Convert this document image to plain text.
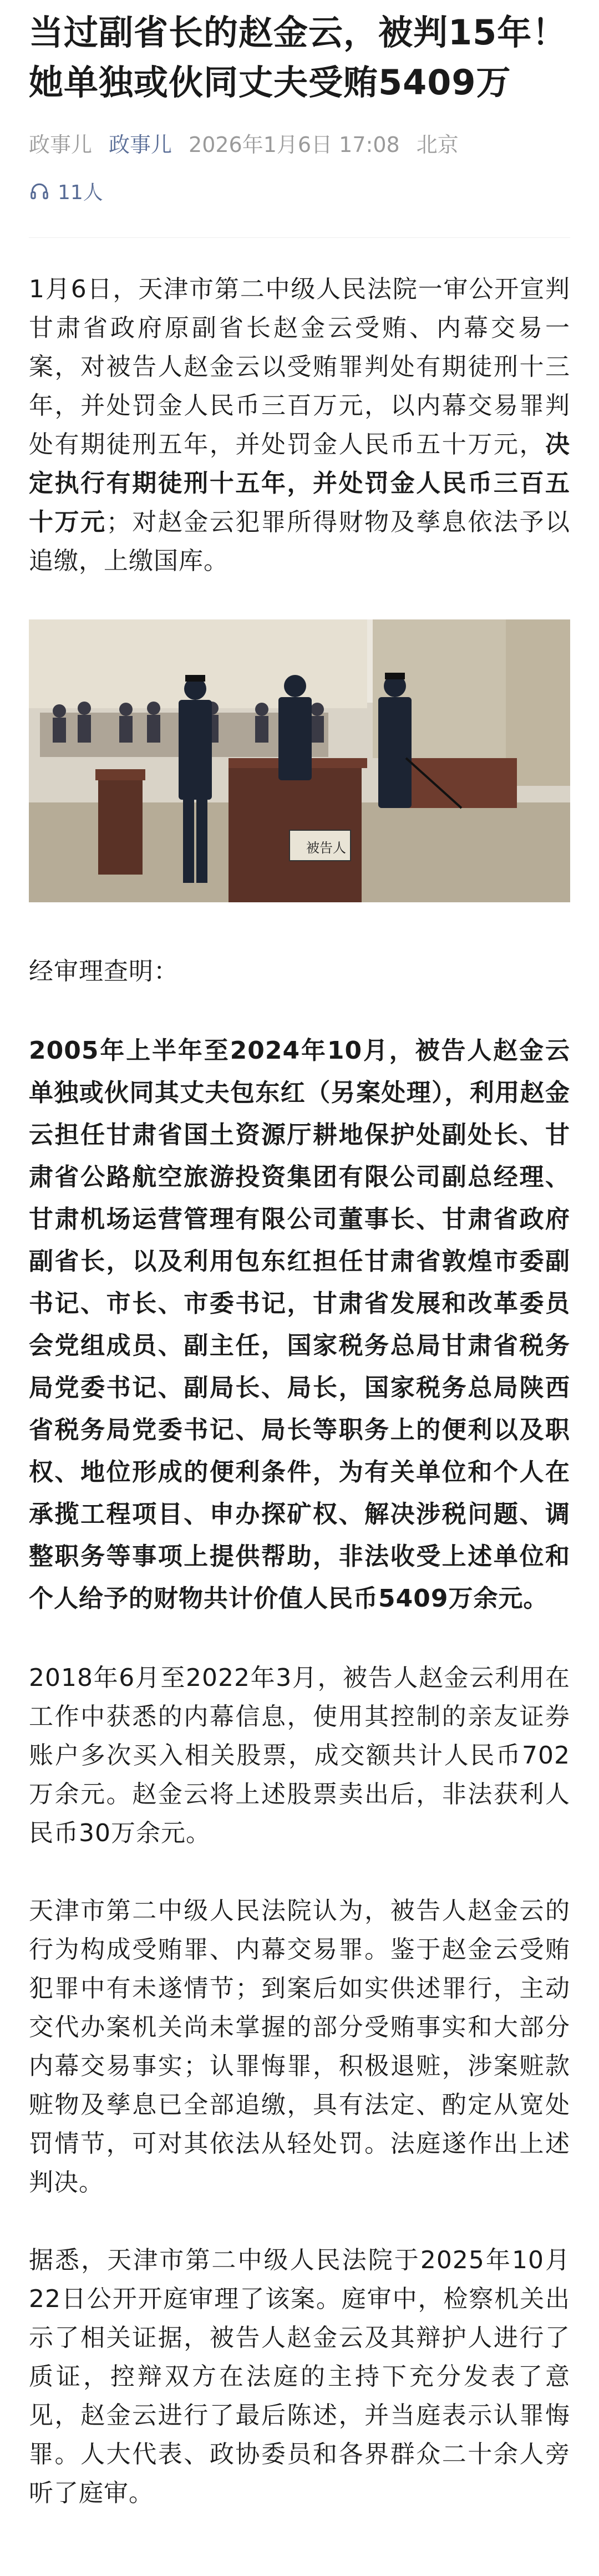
当过副省长的赵金云，被判15年！
她单独或伙同丈夫受贿5409万
政事儿 政事儿 2026年1月6日 17:08 北京
11人

1月6日，天津市第二中级人民法院一审公开宣判甘肃省政府原副省长赵金云受贿、内幕交易一案，对被告人赵金云以受贿罪判处有期徒刑十三年，并处罚金人民币三百万元，以内幕交易罪判处有期徒刑五年，并处罚金人民币五十万元，决定执行有期徒刑十五年，并处罚金人民币三百五十万元；对赵金云犯罪所得财物及孳息依法予以追缴，上缴国库。

被告人

经审理查明：

2005年上半年至2024年10月，被告人赵金云单独或伙同其丈夫包东红（另案处理），利用赵金云担任甘肃省国土资源厅耕地保护处副处长、甘肃省公路航空旅游投资集团有限公司副总经理、甘肃机场运营管理有限公司董事长、甘肃省政府副省长，以及利用包东红担任甘肃省敦煌市委副书记、市长、市委书记，甘肃省发展和改革委员会党组成员、副主任，国家税务总局甘肃省税务局党委书记、副局长、局长，国家税务总局陕西省税务局党委书记、局长等职务上的便利以及职权、地位形成的便利条件，为有关单位和个人在承揽工程项目、申办探矿权、解决涉税问题、调整职务等事项上提供帮助，非法收受上述单位和个人给予的财物共计价值人民币5409万余元。

2018年6月至2022年3月，被告人赵金云利用在工作中获悉的内幕信息，使用其控制的亲友证券账户多次买入相关股票，成交额共计人民币702万余元。赵金云将上述股票卖出后，非法获利人民币30万余元。

天津市第二中级人民法院认为，被告人赵金云的行为构成受贿罪、内幕交易罪。鉴于赵金云受贿犯罪中有未遂情节；到案后如实供述罪行，主动交代办案机关尚未掌握的部分受贿事实和大部分内幕交易事实；认罪悔罪，积极退赃，涉案赃款赃物及孳息已全部追缴，具有法定、酌定从宽处罚情节，可对其依法从轻处罚。法庭遂作出上述判决。

据悉，天津市第二中级人民法院于2025年10月22日公开开庭审理了该案。庭审中，检察机关出示了相关证据，被告人赵金云及其辩护人进行了质证，控辩双方在法庭的主持下充分发表了意见，赵金云进行了最后陈述，并当庭表示认罪悔罪。人大代表、政协委员和各界群众二十余人旁听了庭审。
